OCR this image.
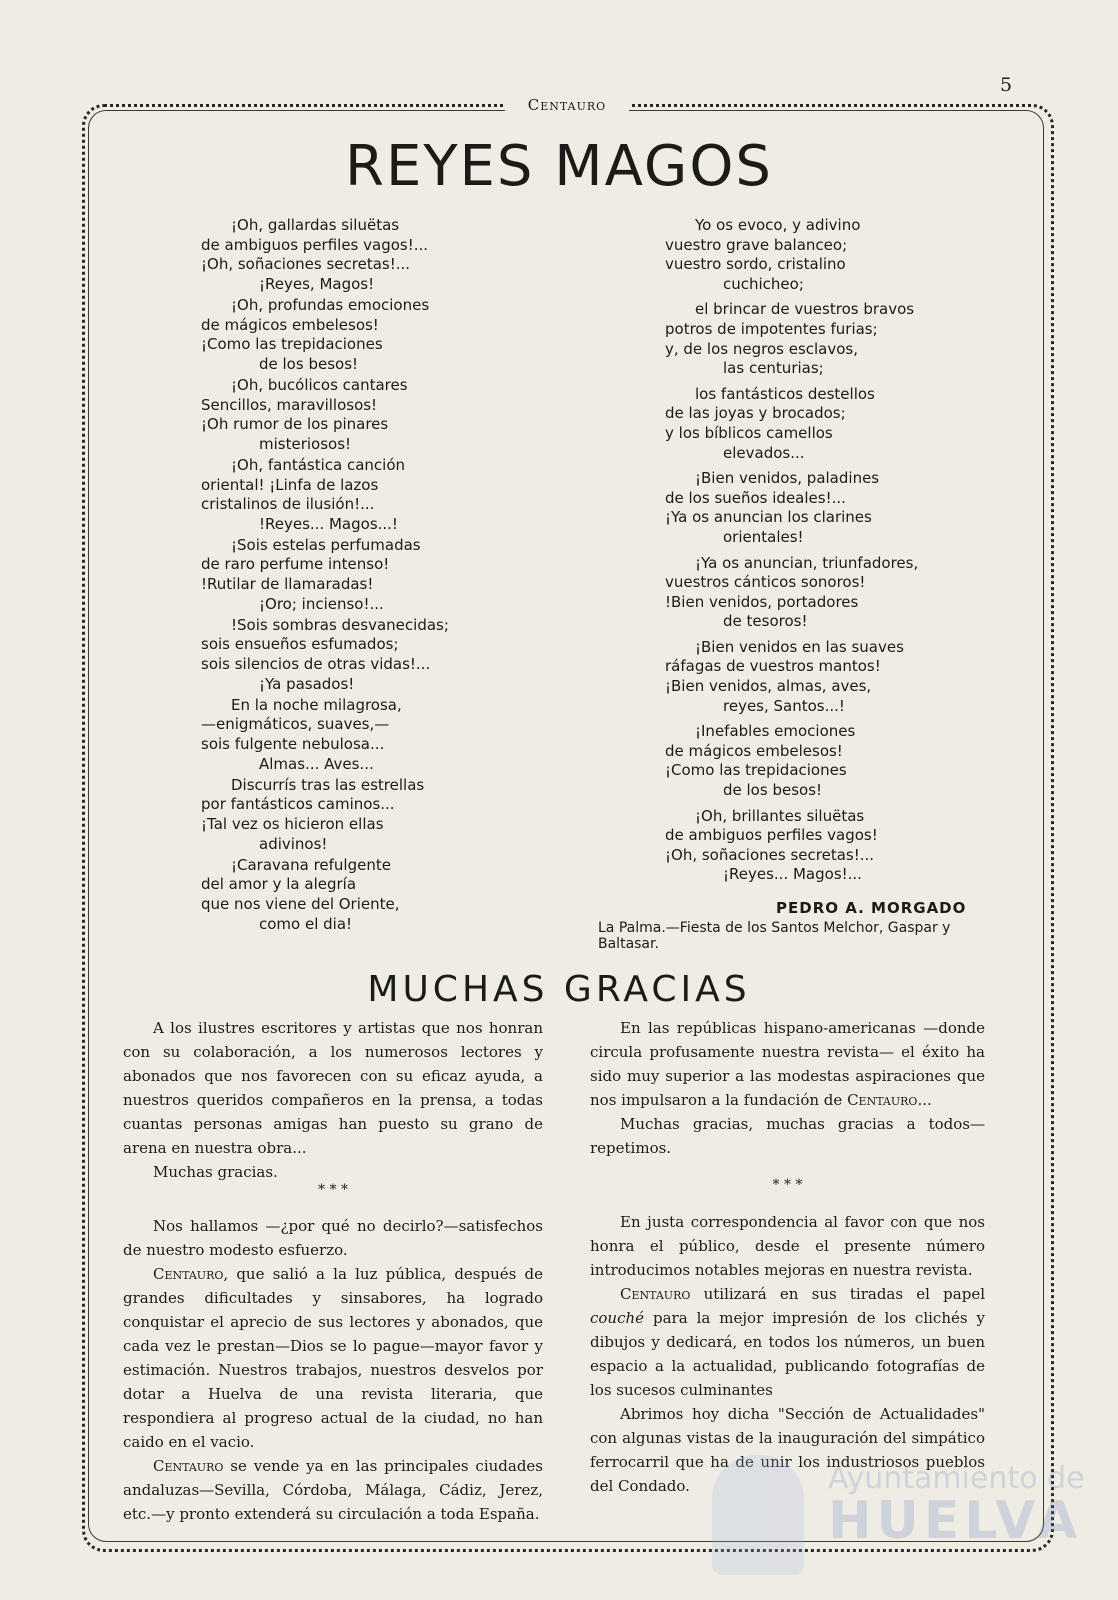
5
Centauro
REYES MAGOS
¡Oh, gallardas siluëtas
de ambiguos perfiles vagos!...
¡Oh, soñaciones secretas!...
¡Reyes, Magos!
¡Oh, profundas emociones
de mágicos embelesos!
¡Como las trepidaciones
de los besos!
¡Oh, bucólicos cantares
Sencillos, maravillosos!
¡Oh rumor de los pinares
misteriosos!
¡Oh, fantástica canción
oriental! ¡Linfa de lazos
cristalinos de ilusión!...
!Reyes... Magos...!
¡Sois estelas perfumadas
de raro perfume intenso!
!Rutilar de llamaradas!
¡Oro; incienso!...
!Sois sombras desvanecidas;
sois ensueños esfumados;
sois silencios de otras vidas!...
¡Ya pasados!
En la noche milagrosa,
—enigmáticos, suaves,—
sois fulgente nebulosa...
Almas... Aves...
Discurrís tras las estrellas
por fantásticos caminos...
¡Tal vez os hicieron ellas
adivinos!
¡Caravana refulgente
del amor y la alegría
que nos viene del Oriente,
como el dia!
Yo os evoco, y adivino
vuestro grave balanceo;
vuestro sordo, cristalino
cuchicheo;
el brincar de vuestros bravos
potros de impotentes furias;
y, de los negros esclavos,
las centurias;
los fantásticos destellos
de las joyas y brocados;
y los bíblicos camellos
elevados...
¡Bien venidos, paladines
de los sueños ideales!...
¡Ya os anuncian los clarines
orientales!
¡Ya os anuncian, triunfadores,
vuestros cánticos sonoros!
!Bien venidos, portadores
de tesoros!
¡Bien venidos en las suaves
ráfagas de vuestros mantos!
¡Bien venidos, almas, aves,
reyes, Santos...!
¡Inefables emociones
de mágicos embelesos!
¡Como las trepidaciones
de los besos!
¡Oh, brillantes siluëtas
de ambiguos perfiles vagos!
¡Oh, soñaciones secretas!...
¡Reyes... Magos!...
PEDRO A. MORGADO
La Palma.—Fiesta de los Santos Melchor, Gaspar y Baltasar.
MUCHAS GRACIAS

A los ilustres escritores y artistas que nos honran con su colaboración, a los numerosos lectores y abonados que nos favorecen con su eficaz ayuda, a nuestros queridos compañeros en la prensa, a todas cuantas personas amigas han puesto su grano de arena en nuestra obra...

Muchas gracias.

* * *

Nos hallamos —¿por qué no decirlo?—satisfechos de nuestro modesto esfuerzo.

Centauro, que salió a la luz pública, después de grandes dificultades y sinsabores, ha logrado conquistar el aprecio de sus lectores y abonados, que cada vez le prestan—Dios se lo pague—mayor favor y estimación. Nuestros trabajos, nuestros desvelos por dotar a Huelva de una revista literaria, que respondiera al progreso actual de la ciudad, no han caido en el vacio.

Centauro se vende ya en las principales ciudades andaluzas—Sevilla, Córdoba, Málaga, Cádiz, Jerez, etc.—y pronto extenderá su circulación a toda España.

En las repúblicas hispano-americanas —donde circula profusamente nuestra revista— el éxito ha sido muy superior a las modestas aspiraciones que nos impulsaron a la fundación de Centauro...

Muchas gracias, muchas gracias a todos—repetimos.

* * *

En justa correspondencia al favor con que nos honra el público, desde el presente número introducimos notables mejoras en nuestra revista.

Centauro utilizará en sus tiradas el papel couché para la mejor impresión de los clichés y dibujos y dedicará, en todos los números, un buen espacio a la actualidad, publicando fotografías de los sucesos culminantes

Abrimos hoy dicha "Sección de Actualidades" con algunas vistas de la inauguración del simpático ferrocarril que ha de unir los industriosos pueblos del Condado.	Ayuntamiento de
HUELVA
